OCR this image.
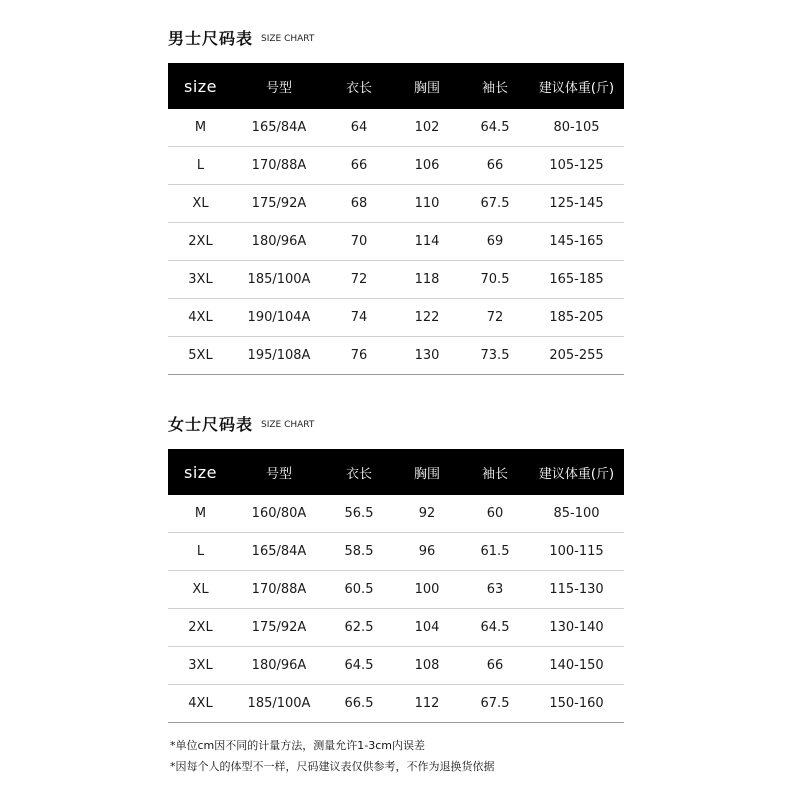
男士尺码表 SIZE CHART
size	号型	衣长	胸围	袖长	建议体重(斤)
M	165/84A	64	102	64.5	80-105
L	170/88A	66	106	66	105-125
XL	175/92A	68	110	67.5	125-145
2XL	180/96A	70	114	69	145-165
3XL	185/100A	72	118	70.5	165-185
4XL	190/104A	74	122	72	185-205
5XL	195/108A	76	130	73.5	205-255
女士尺码表 SIZE CHART
size	号型	衣长	胸围	袖长	建议体重(斤)
M	160/80A	56.5	92	60	85-100
L	165/84A	58.5	96	61.5	100-115
XL	170/88A	60.5	100	63	115-130
2XL	175/92A	62.5	104	64.5	130-140
3XL	180/96A	64.5	108	66	140-150
4XL	185/100A	66.5	112	67.5	150-160
*单位cm因不同的计量方法，测量允许1-3cm内误差
*因每个人的体型不一样，尺码建议表仅供参考，不作为退换货依据
